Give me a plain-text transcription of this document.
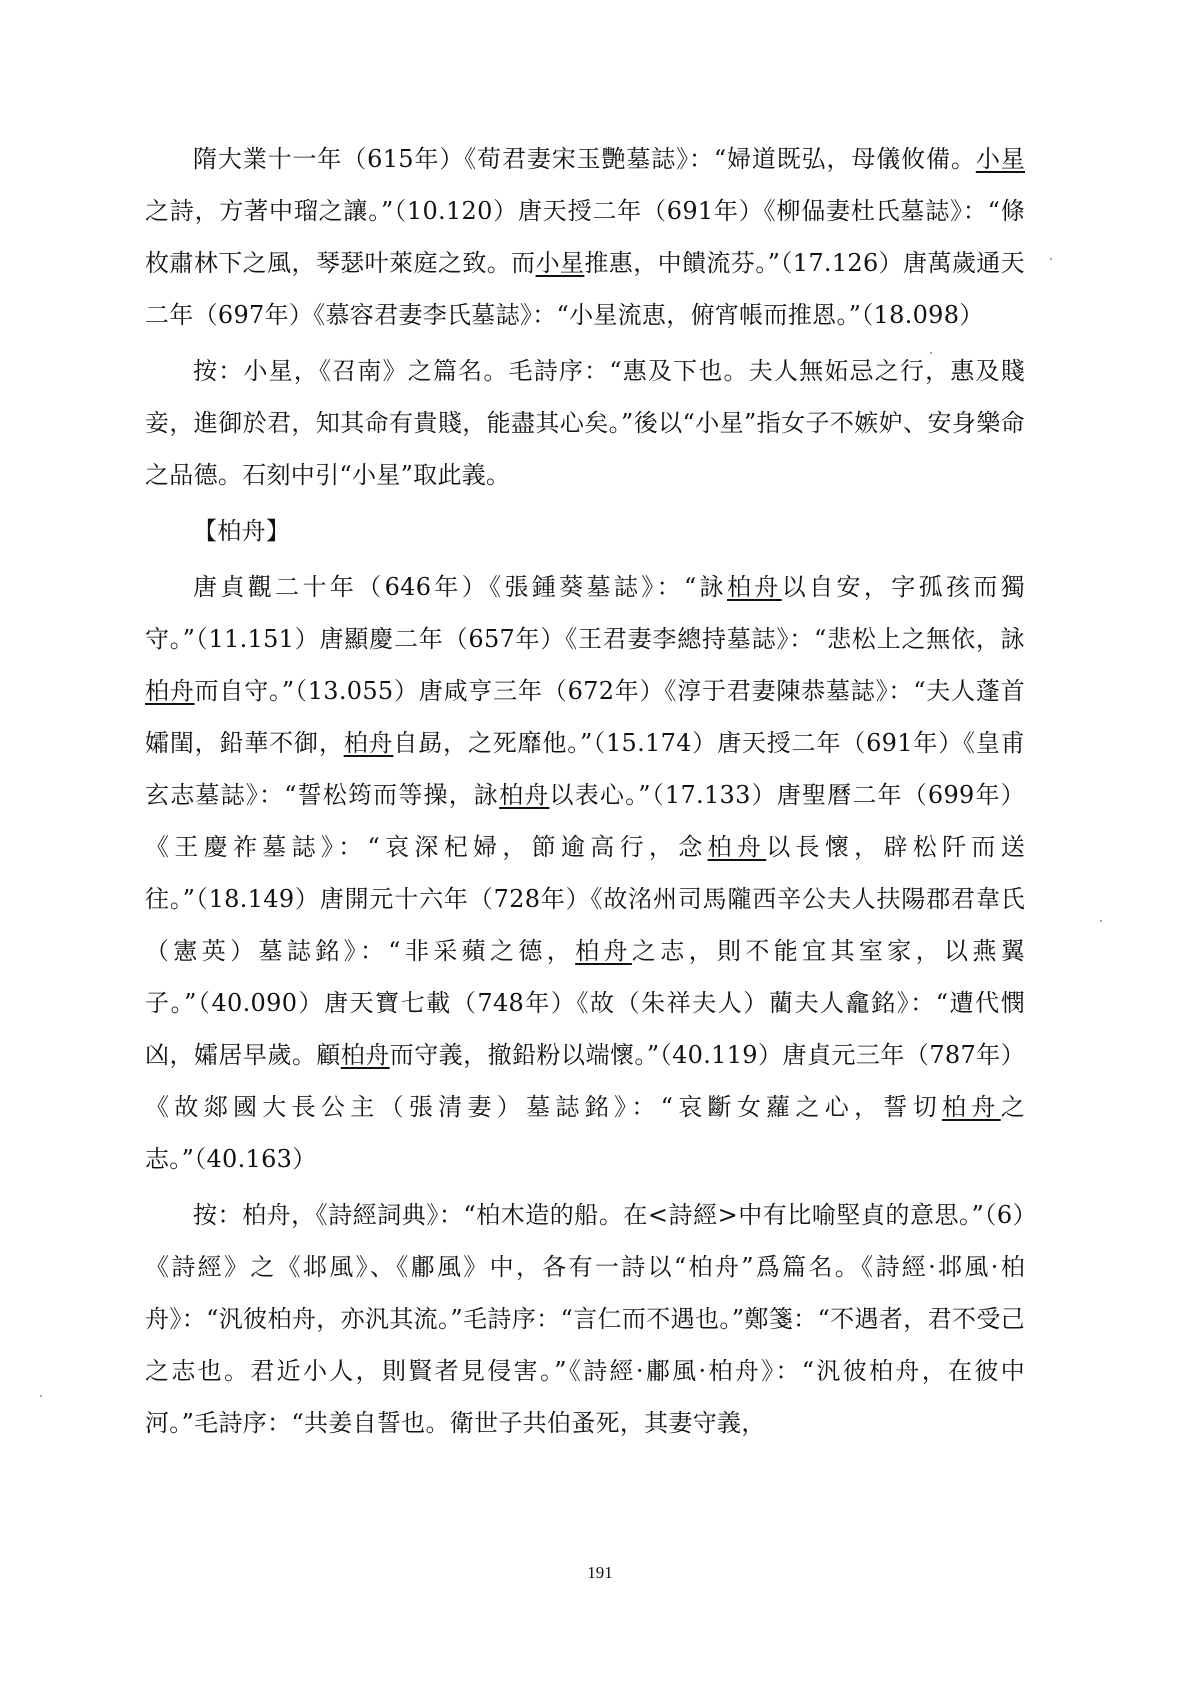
隋大業十一年（615年）《荀君妻宋玉艷墓誌》：“婦道既弘，母儀攸備。小星之詩，方著中瑠之讓。”（10.120）唐天授二年（691年）《柳偘妻杜氏墓誌》：“條枚肅林下之風，琴瑟叶萊庭之致。而小星推惠，中饋流芬。”（17.126）唐萬歲通天二年（697年）《慕容君妻李氏墓誌》：“小星流恵，俯宵帳而推恩。”（18.098）

按：小星，《召南》之篇名。毛詩序：“惠及下也。夫人無妬忌之行，惠及賤妾，進御於君，知其命有貴賤，能盡其心矣。”後以“小星”指女子不嫉妒、安身樂命之品德。石刻中引“小星”取此義。

【柏舟】

唐貞觀二十年（646年）《張鍾葵墓誌》：“詠柏舟以自安，字孤孩而獨守。”（11.151）唐顯慶二年（657年）《王君妻李總持墓誌》：“悲松上之無依，詠柏舟而自守。”（13.055）唐咸亨三年（672年）《淳于君妻陳恭墓誌》：“夫人蓬首孀閨，鉛華不御，柏舟自勗，之死靡他。”（15.174）唐天授二年（691年）《皇甫玄志墓誌》：“誓松筠而等操，詠柏舟以表心。”（17.133）唐聖曆二年（699年）《王慶祚墓誌》：“哀深杞婦，節逾高行，念柏舟以長懷，辟松阡而送往。”（18.149）唐開元十六年（728年）《故洺州司馬隴西辛公夫人扶陽郡君韋氏（憲英）墓誌銘》：“非采蘋之德，柏舟之志，則不能宜其室家，以燕翼子。”（40.090）唐天寶七載（748年）《故（朱祥夫人）藺夫人龕銘》：“遭代憫凶，孀居早歲。顧柏舟而守義，撤鉛粉以端懷。”（40.119）唐貞元三年（787年）《故郯國大長公主（張清妻）墓誌銘》：“哀斷女蘿之心，誓切柏舟之志。”（40.163）

按：柏舟，《詩經詞典》：“柏木造的船。在<詩經>中有比喻堅貞的意思。”（6）《詩經》之《邶風》、《鄘風》中，各有一詩以“柏舟”爲篇名。《詩經·邶風·柏舟》：“汎彼柏舟，亦汎其流。”毛詩序：“言仁而不遇也。”鄭箋：“不遇者，君不受己之志也。君近小人，則賢者見侵害。”《詩經·鄘風·柏舟》：“汎彼柏舟，在彼中河。”毛詩序：“共姜自誓也。衛世子共伯蚤死，其妻守義，

191
